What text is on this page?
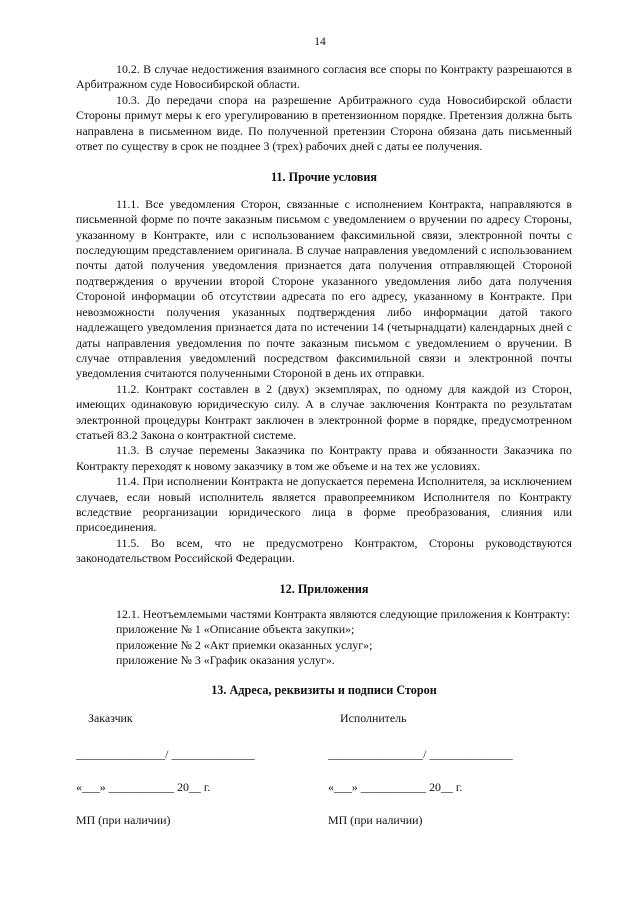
14

10.2. В случае недостижения взаимного согласия все споры по Контракту разрешаются в Арбитражном суде Новосибирской области.

10.3. До передачи спора на разрешение Арбитражного суда Новосибирской области Стороны примут меры к его урегулированию в претензионном порядке. Претензия должна быть направлена в письменном виде. По полученной претензии Сторона обязана дать письменный ответ по существу в срок не позднее 3 (трех) рабочих дней с даты ее получения.

11. Прочие условия

11.1. Все уведомления Сторон, связанные с исполнением Контракта, направляются в письменной форме по почте заказным письмом с уведомлением о вручении по адресу Стороны, указанному в Контракте, или с использованием факсимильной связи, электронной почты с последующим представлением оригинала. В случае направления уведомлений с использованием почты датой получения уведомления признается дата получения отправляющей Стороной подтверждения о вручении второй Стороне указанного уведомления либо дата получения Стороной информации об отсутствии адресата по его адресу, указанному в Контракте. При невозможности получения указанных подтверждения либо информации датой такого надлежащего уведомления признается дата по истечении 14 (четырнадцати) календарных дней с даты направления уведомления по почте заказным письмом с уведомлением о вручении. В случае отправления уведомлений посредством факсимильной связи и электронной почты уведомления считаются полученными Стороной в день их отправки.

11.2. Контракт составлен в 2 (двух) экземплярах, по одному для каждой из Сторон, имеющих одинаковую юридическую силу. А в случае заключения Контракта по результатам электронной процедуры Контракт заключен в электронной форме в порядке, предусмотренном статьей 83.2 Закона о контрактной системе.

11.3. В случае перемены Заказчика по Контракту права и обязанности Заказчика по Контракту переходят к новому заказчику в том же объеме и на тех же условиях.

11.4. При исполнении Контракта не допускается перемена Исполнителя, за исключением случаев, если новый исполнитель является правопреемником Исполнителя по Контракту вследствие реорганизации юридического лица в форме преобразования, слияния или присоединения.

11.5. Во всем, что не предусмотрено Контрактом, Стороны руководствуются законодательством Российской Федерации.

12. Приложения

12.1. Неотъемлемыми частями Контракта являются следующие приложения к Контракту:

приложение № 1 «Описание объекта закупки»;

приложение № 2 «Акт приемки оказанных услуг»;

приложение № 3 «График оказания услуг».

13. Адреса, реквизиты и подписи Сторон

Заказчик

_______________/ ______________

«___» ___________ 20__ г.

МП (при наличии)

Исполнитель

________________/ ______________

«___» ___________ 20__ г.

МП (при наличии)
